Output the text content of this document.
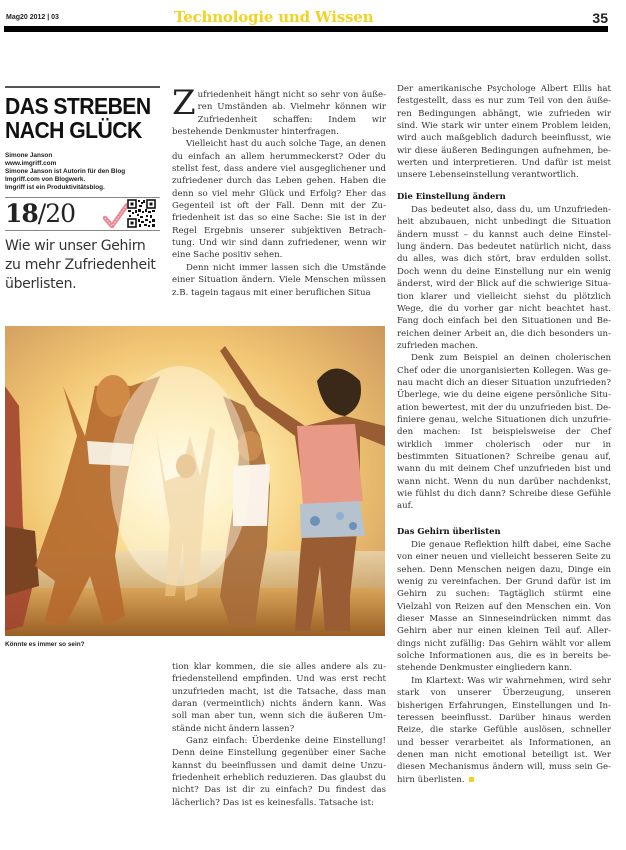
Mag20 2012 | 03	Technologie und Wissen	35
DAS STREBEN
NACH GLÜCK
Simone Janson
www.imgriff.com
Simone Janson ist Autorin für den Blog
Imgriff.com von Blogwerk.
Imgriff ist ein Produktivitätsblog.
18/20
Wie wir unser Gehirn zu mehr Zufriedenheit überlisten.

Zufriedenheit hängt nicht so sehr von äußeren Umständen ab. Vielmehr können wir Zufriedenheit schaffen: Indem wir bestehende Denkmuster hinterfragen.

Vielleicht hast du auch solche Tage, an denen du einfach an allem herummeckerst? Oder du stellst fest, dass andere viel ausgeglichener und zufriedener durch das Leben gehen. Haben die denn so viel mehr Glück und Erfolg? Eher das Gegenteil ist oft der Fall. Denn mit der Zufriedenheit ist das so eine Sache: Sie ist in der Regel Ergebnis unserer subjektiven Betrachtung. Und wir sind dann zufriedener, wenn wir eine Sache positiv sehen.

Denn nicht immer lassen sich die Umstände einer Situation ändern. Viele Menschen müssen z.B. tagein tagaus mit einer beruflichen Situa

Könnte es immer so sein?

tion klar kommen, die sie alles andere als zufriedenstellend empfinden. Und was erst recht unzufrieden macht, ist die Tatsache, dass man daran (vermeintlich) nichts ändern kann. Was soll man aber tun, wenn sich die äußeren Umstände nicht ändern lassen?

Ganz einfach: Überdenke deine Einstellung! Denn deine Einstellung gegenüber einer Sache kannst du beeinflussen und damit deine Unzufriedenheit erheblich reduzieren. Das glaubst du nicht? Das ist dir zu einfach? Du findest das lächerlich? Das ist es keinesfalls. Tatsache ist:

Der amerikanische Psychologe Albert Ellis hat festgestellt, dass es nur zum Teil von den äußeren Bedingungen abhängt, wie zufrieden wir sind. Wie stark wir unter einem Problem leiden, wird auch maßgeblich dadurch beeinflusst, wie wir diese äußeren Bedingungen aufnehmen, bewerten und interpretieren. Und dafür ist meist unsere Lebenseinstellung verantwortlich.

Die Einstellung ändern

Das bedeutet also, dass du, um Unzufriedenheit abzubauen, nicht unbedingt die Situation ändern musst – du kannst auch deine Einstellung ändern. Das bedeutet natürlich nicht, dass du alles, was dich stört, brav erdulden sollst. Doch wenn du deine Einstellung nur ein wenig änderst, wird der Blick auf die schwierige Situation klarer und vielleicht siehst du plötzlich Wege, die du vorher gar nicht beachtet hast. Fang doch einfach bei den Situationen und Bereichen deiner Arbeit an, die dich besonders unzufrieden machen.

Denk zum Beispiel an deinen cholerischen Chef oder die unorganisierten Kollegen. Was genau macht dich an dieser Situation unzufrieden? Überlege, wie du deine eigene persönliche Situation bewertest, mit der du unzufrieden bist. Definiere genau, welche Situationen dich unzufrieden machen: Ist beispielsweise der Chef wirklich immer cholerisch oder nur in bestimmten Situationen? Schreibe genau auf, wann du mit deinem Chef unzufrieden bist und wann nicht. Wenn du nun darüber nachdenkst, wie fühlst du dich dann? Schreibe diese Gefühle auf.

Das Gehirn überlisten

Die genaue Reflektion hilft dabei, eine Sache von einer neuen und vielleicht besseren Seite zu sehen. Denn Menschen neigen dazu, Dinge ein wenig zu vereinfachen. Der Grund dafür ist im Gehirn zu suchen: Tagtäglich stürmt eine Vielzahl von Reizen auf den Menschen ein. Von dieser Masse an Sinneseindrücken nimmt das Gehirn aber nur einen kleinen Teil auf. Allerdings nicht zufällig: Das Gehirn wählt vor allem solche Informationen aus, die es in bereits bestehende Denkmuster eingliedern kann.

Im Klartext: Was wir wahrnehmen, wird sehr stark von unserer Überzeugung, unseren bisherigen Erfahrungen, Einstellungen und Interessen beeinflusst. Darüber hinaus werden Reize, die starke Gefühle auslösen, schneller und besser verarbeitet als Informationen, an denen man nicht emotional beteiligt ist. Wer diesen Mechanismus ändern will, muss sein Gehirn überlisten.
